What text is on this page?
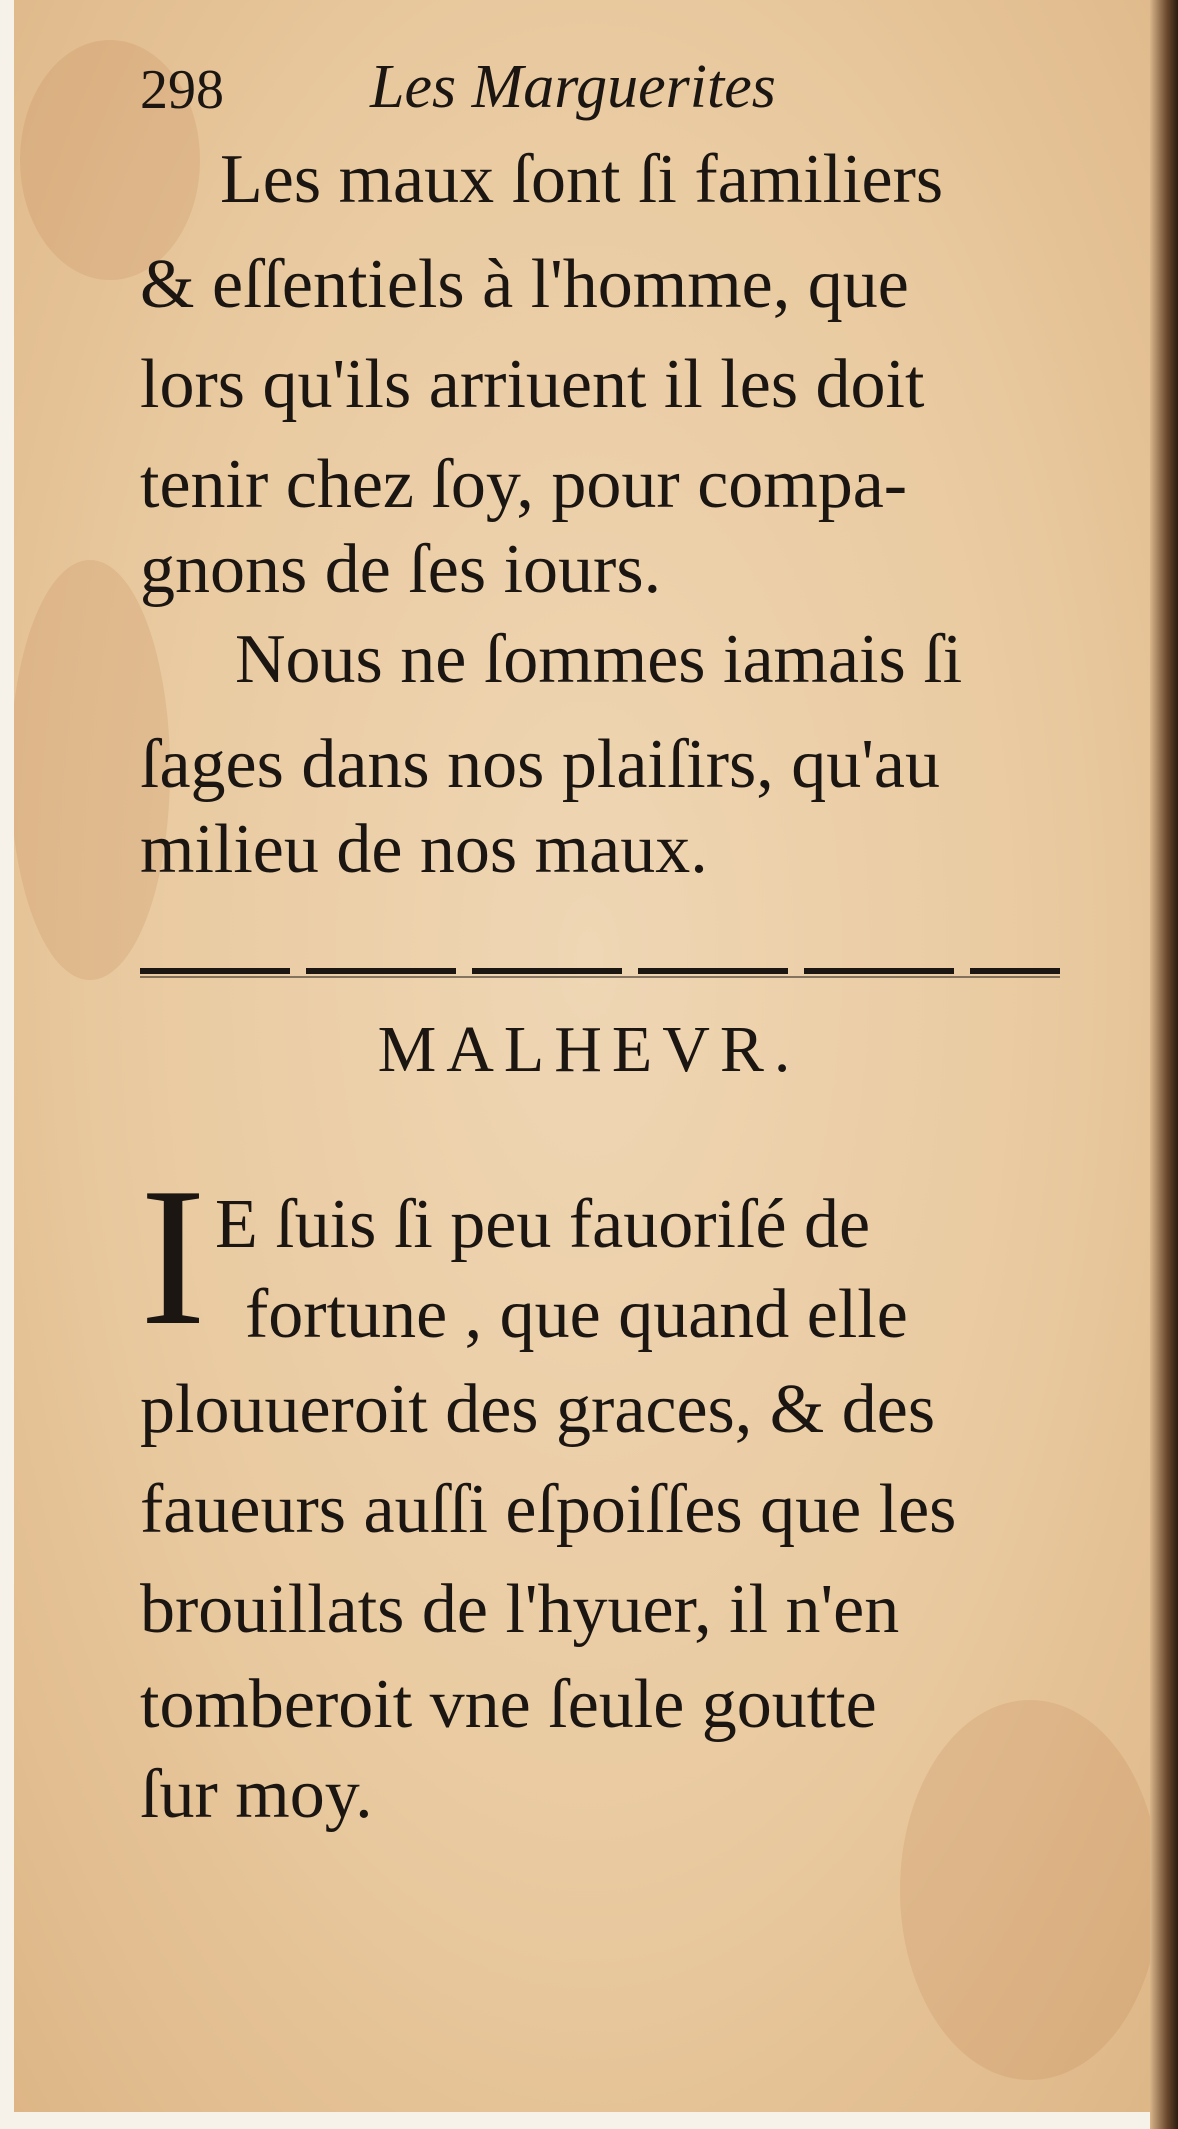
298 Les Marguerites
Les maux ſont ſi familiers
& eſſentiels à l'homme, que
lors qu'ils arriuent il les doit
tenir chez ſoy, pour compa-
gnons de ſes iours.
Nous ne ſommes iamais ſi
ſages dans nos plaiſirs, qu'au
milieu de nos maux.
MALHEVR.
I E ſuis ſi peu fauoriſé de
fortune , que quand elle
plouueroit des graces, & des
faueurs auſſi eſpoiſſes que les
brouillats de l'hyuer, il n'en
tomberoit vne ſeule goutte
ſur moy.
